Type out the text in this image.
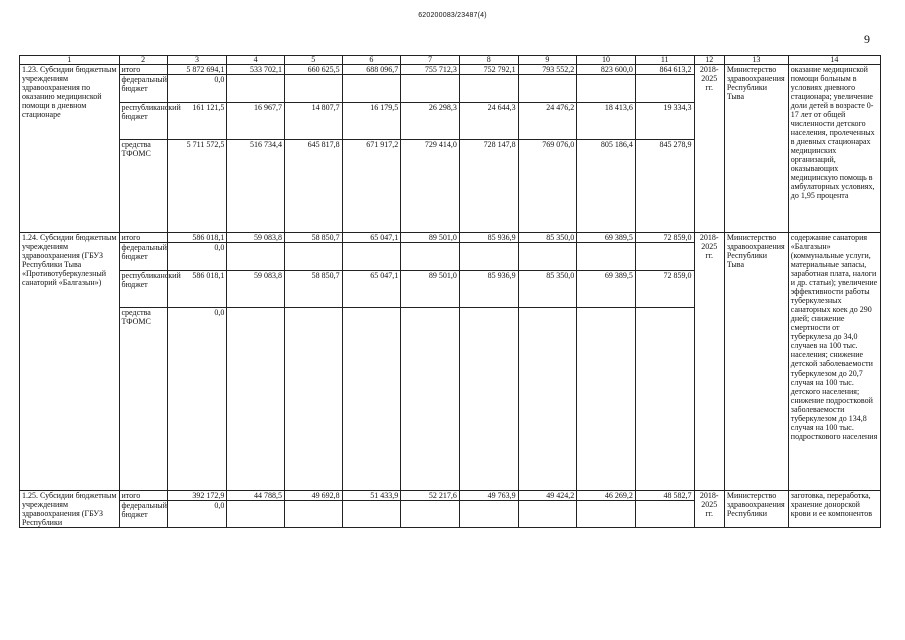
620200083/23487(4)
9
1	2	3	4	5	6	7	8	9	10	11	12	13	14
1.23. Субсидии бюджетным учреждениям здравоохранения по оказанию медицинской помощи в дневном стационаре	итого	5 872 694,1	533 702,1	660 625,5	688 096,7	755 712,3	752 792,1	793 552,2	823 600,0	864 613,2	2018-2025 гг.	Министерство здравоохранения Республики Тыва	оказание медицинской помощи больным в условиях дневного стационара; увеличение доли детей в возрасте 0-17 лет от общей численности детского населения, пролеченных в дневных стационарах медицинских организаций, оказывающих медицинскую помощь в амбулаторных условиях, до 1,95 процента
	федеральный бюджет	0,0											
	республиканский бюджет	161 121,5	16 967,7	14 807,7	16 179,5	26 298,3	24 644,3	24 476,2	18 413,6	19 334,3			
	средства ТФОМС	5 711 572,5	516 734,4	645 817,8	671 917,2	729 414,0	728 147,8	769 076,0	805 186,4	845 278,9			
1.24. Субсидии бюджетным учреждениям здравоохранения (ГБУЗ Республики Тыва «Противотуберкулезный санаторий «Балгазын»)	итого	586 018,1	59 083,8	58 850,7	65 047,1	89 501,0	85 936,9	85 350,0	69 389,5	72 859,0	2018-2025 гг.	Министерство здравоохранения Республики Тыва	содержание санатория «Балгазын» (коммунальные услуги, материальные запасы, заработная плата, налоги и др. статьи); увеличение эффективности работы туберкулезных санаторных коек до 290 дней; снижение смертности от туберкулеза до 34,0 случаев на 100 тыс. населения; снижение детской заболеваемости туберкулезом до 20,7 случая на 100 тыс. детского населения; снижение подростковой заболеваемости туберкулезом до 134,8 случая на 100 тыс. подросткового населения
	федеральный бюджет	0,0											
	республиканский бюджет	586 018,1	59 083,8	58 850,7	65 047,1	89 501,0	85 936,9	85 350,0	69 389,5	72 859,0			
	средства ТФОМС	0,0											
1.25. Субсидии бюджетным учреждениям здравоохранения (ГБУЗ Республики	итого	392 172,9	44 788,5	49 692,8	51 433,9	52 217,6	49 763,9	49 424,2	46 269,2	48 582,7	2018-2025 гг.	Министерство здравоохранения Республики	заготовка, переработка, хранение донорской крови и ее компонентов
	федеральный бюджет	0,0											
